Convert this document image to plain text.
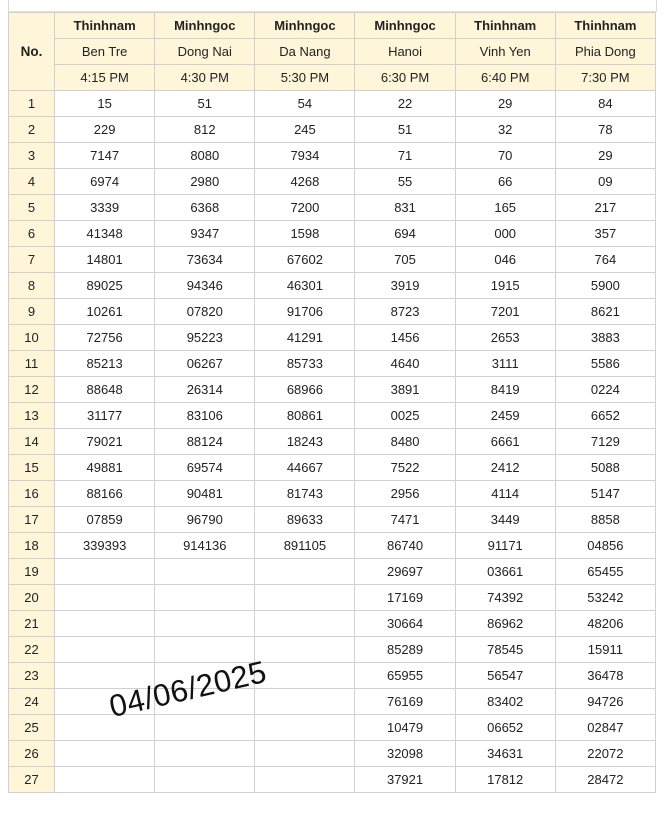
No.	Thinhnam	Minhngoc	Minhngoc	Minhngoc	Thinhnam	Thinhnam
	Ben Tre	Dong Nai	Da Nang	Hanoi	Vinh Yen	Phia Dong
	4:15 PM	4:30 PM	5:30 PM	6:30 PM	6:40 PM	7:30 PM
1	15	51	54	22	29	84
2	229	812	245	51	32	78
3	7147	8080	7934	71	70	29
4	6974	2980	4268	55	66	09
5	3339	6368	7200	831	165	217
6	41348	9347	1598	694	000	357
7	14801	73634	67602	705	046	764
8	89025	94346	46301	3919	1915	5900
9	10261	07820	91706	8723	7201	8621
10	72756	95223	41291	1456	2653	3883
11	85213	06267	85733	4640	3111	5586
12	88648	26314	68966	3891	8419	0224
13	31177	83106	80861	0025	2459	6652
14	79021	88124	18243	8480	6661	7129
15	49881	69574	44667	7522	2412	5088
16	88166	90481	81743	2956	4114	5147
17	07859	96790	89633	7471	3449	8858
18	339393	914136	891105	86740	91171	04856
19				29697	03661	65455
20				17169	74392	53242
21				30664	86962	48206
22				85289	78545	15911
23				65955	56547	36478
24				76169	83402	94726
25				10479	06652	02847
26				32098	34631	22072
27				37921	17812	28472
04/06/2025
